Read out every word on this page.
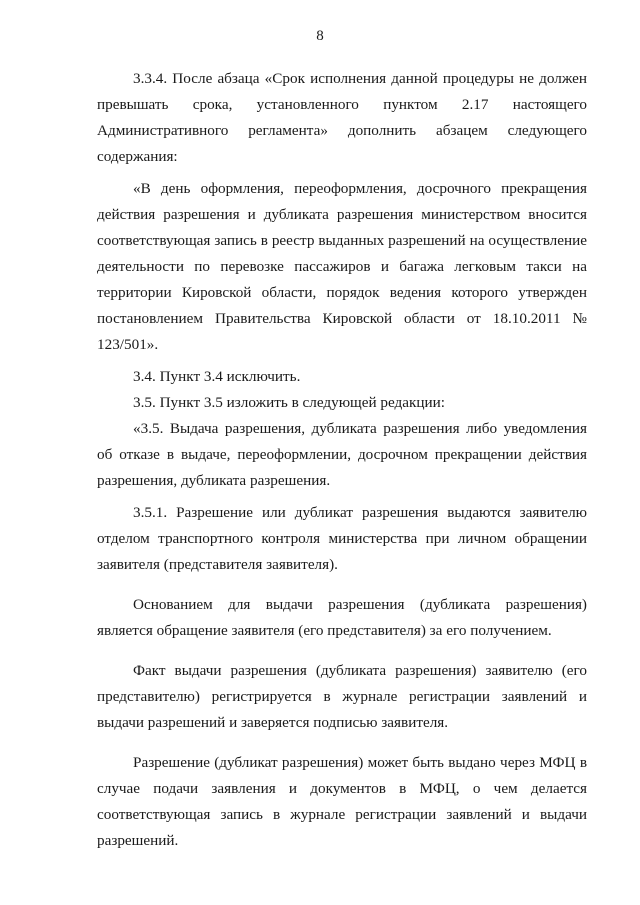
8

3.3.4. После абзаца «Срок исполнения данной процедуры не должен превышать срока, установленного пунктом 2.17 настоящего Административного регламента» дополнить абзацем следующего содержания:

«В день оформления, переоформления, досрочного прекращения действия разрешения и дубликата разрешения министерством вносится соответствующая запись в реестр выданных разрешений на осуществление деятельности по перевозке пассажиров и багажа легковым такси на территории Кировской области, порядок ведения которого утвержден постановлением Правительства Кировской области от 18.10.2011 № 123/501».

3.4. Пункт 3.4 исключить.

3.5. Пункт 3.5 изложить в следующей редакции:

«3.5. Выдача разрешения, дубликата разрешения либо уведомления об отказе в выдаче, переоформлении, досрочном прекращении действия разрешения, дубликата разрешения.

3.5.1. Разрешение или дубликат разрешения выдаются заявителю отделом транспортного контроля министерства при личном обращении заявителя (представителя заявителя).

Основанием для выдачи разрешения (дубликата разрешения) является обращение заявителя (его представителя) за его получением.

Факт выдачи разрешения (дубликата разрешения) заявителю (его представителю) регистрируется в журнале регистрации заявлений и выдачи разрешений и заверяется подписью заявителя.

Разрешение (дубликат разрешения) может быть выдано через МФЦ в случае подачи заявления и документов в МФЦ, о чем делается соответствующая запись в журнале регистрации заявлений и выдачи разрешений.
